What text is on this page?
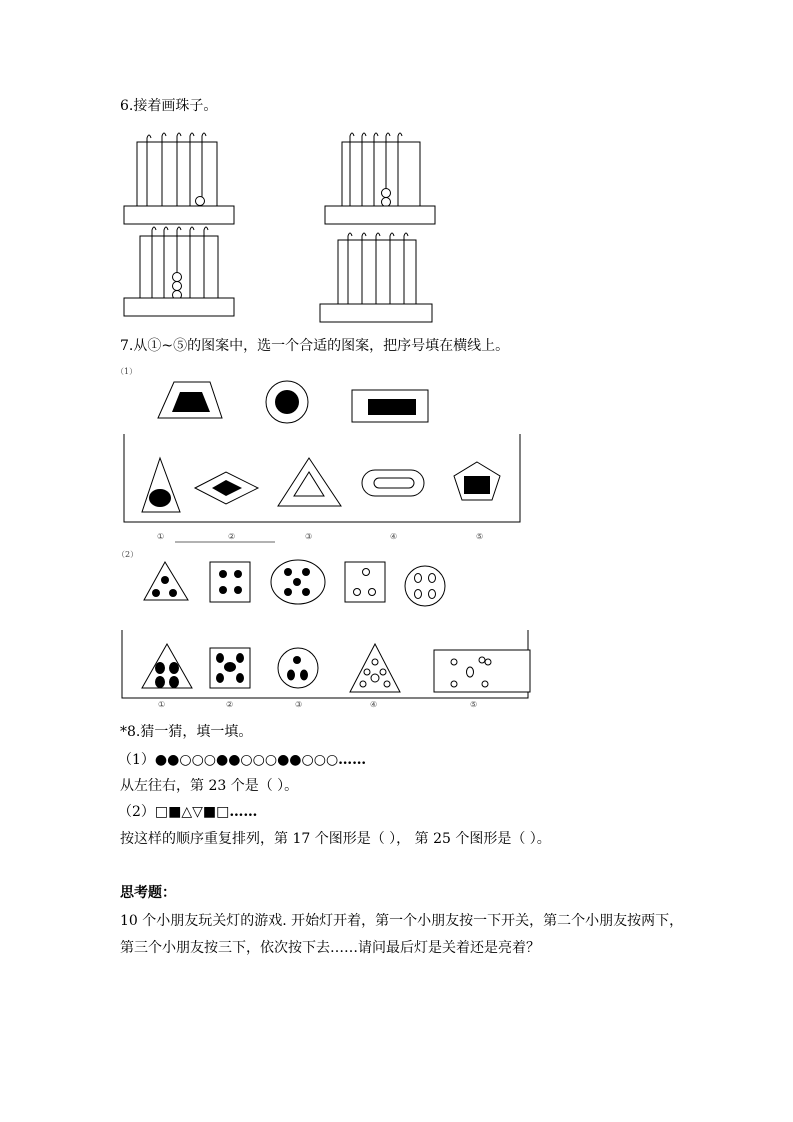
6.接着画珠子。
7.从①~⑤的图案中，选一个合适的图案，把序号填在横线上。
（1）
①	②	③	④	⑤
（2）
①	②	③	④	⑤
*8.猜一猜，填一填。
（1）●●○○○●●○○○●●○○○……
从左往右，第 23 个是（ ）。
（2）□■△▽■□……
按这样的顺序重复排列，第 17 个图形是（ ）， 第 25 个图形是（ ）。
思考题：
10 个小朋友玩关灯的游戏. 开始灯开着，第一个小朋友按一下开关，第二个小朋友按两下，
第三个小朋友按三下，依次按下去……请问最后灯是关着还是亮着？
